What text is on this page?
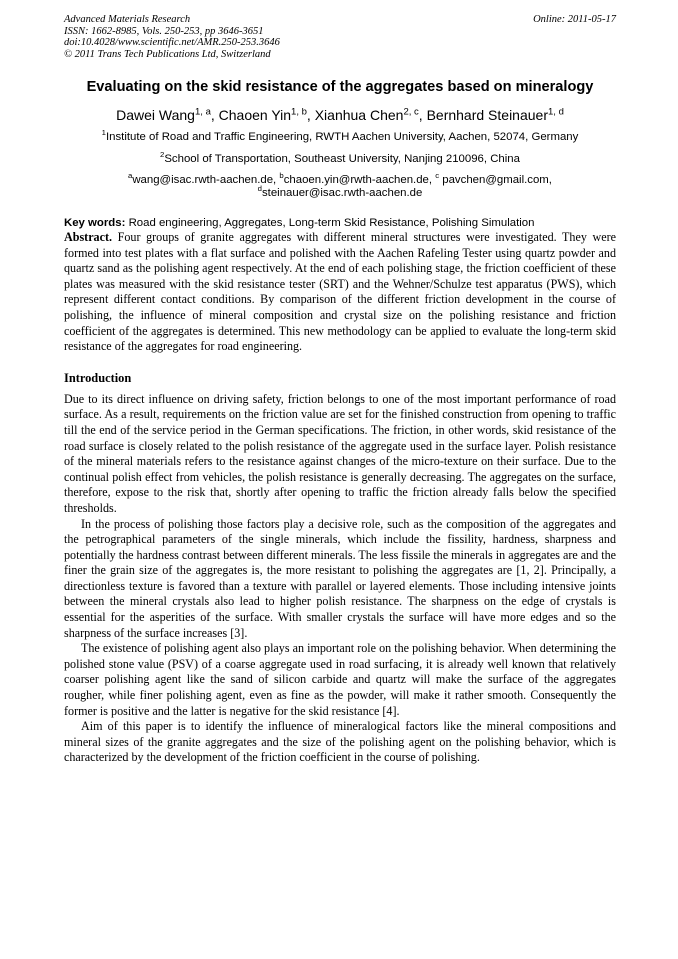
Advanced Materials Research
ISSN: 1662-8985, Vols. 250-253, pp 3646-3651
doi:10.4028/www.scientific.net/AMR.250-253.3646
© 2011 Trans Tech Publications Ltd, Switzerland
Online: 2011-05-17
Evaluating on the skid resistance of the aggregates based on mineralogy
Dawei Wang$^{1, a}$, Chaoen Yin$^{1, b}$, Xianhua Chen$^{2, c}$, Bernhard Steinauer$^{1, d}$
$^1$Institute of Road and Traffic Engineering, RWTH Aachen University, Aachen, 52074, Germany
$^2$School of Transportation, Southeast University, Nanjing 210096, China
$^a$wang@isac.rwth-aachen.de, $^b$chaoen.yin@rwth-aachen.de, $^c$ pavchen@gmail.com,
$^d$steinauer@isac.rwth-aachen.de
Key words: Road engineering, Aggregates, Long-term Skid Resistance, Polishing Simulation

Abstract. Four groups of granite aggregates with different mineral structures were investigated. They were formed into test plates with a flat surface and polished with the Aachen Rafeling Tester using quartz powder and quartz sand as the polishing agent respectively. At the end of each polishing stage, the friction coefficient of these plates was measured with the skid resistance tester (SRT) and the Wehner/Schulze test apparatus (PWS), which represent different contact conditions. By comparison of the different friction development in the course of polishing, the influence of mineral composition and crystal size on the polishing resistance and friction coefficient of the aggregates is determined. This new methodology can be applied to evaluate the long-term skid resistance of the aggregates for road engineering.

Introduction

Due to its direct influence on driving safety, friction belongs to one of the most important performance of road surface. As a result, requirements on the friction value are set for the finished construction from opening to traffic till the end of the service period in the German specifications. The friction, in other words, skid resistance of the road surface is closely related to the polish resistance of the aggregate used in the surface layer. Polish resistance of the mineral materials refers to the resistance against changes of the micro-texture on their surface. Due to the continual polish effect from vehicles, the polish resistance is generally decreasing. The aggregates on the surface, therefore, expose to the risk that, shortly after opening to traffic the friction already falls below the specified thresholds.

In the process of polishing those factors play a decisive role, such as the composition of the aggregates and the petrographical parameters of the single minerals, which include the fissility, hardness, sharpness and potentially the hardness contrast between different minerals. The less fissile the minerals in aggregates are and the finer the grain size of the aggregates is, the more resistant to polishing the aggregates are [1, 2]. Principally, a directionless texture is favored than a texture with parallel or layered elements. Those including intensive joints between the mineral crystals also lead to higher polish resistance. The sharpness on the edge of crystals is essential for the asperities of the surface. With smaller crystals the surface will have more edges and so the sharpness of the surface increases [3].

The existence of polishing agent also plays an important role on the polishing behavior. When determining the polished stone value (PSV) of a coarse aggregate used in road surfacing, it is already well known that relatively coarser polishing agent like the sand of silicon carbide and quartz will make the surface of the aggregates rougher, while finer polishing agent, even as fine as the powder, will make it rather smooth. Consequently the former is positive and the latter is negative for the skid resistance [4].

Aim of this paper is to identify the influence of mineralogical factors like the mineral compositions and mineral sizes of the granite aggregates and the size of the polishing agent on the polishing behavior, which is characterized by the development of the friction coefficient in the course of polishing.
